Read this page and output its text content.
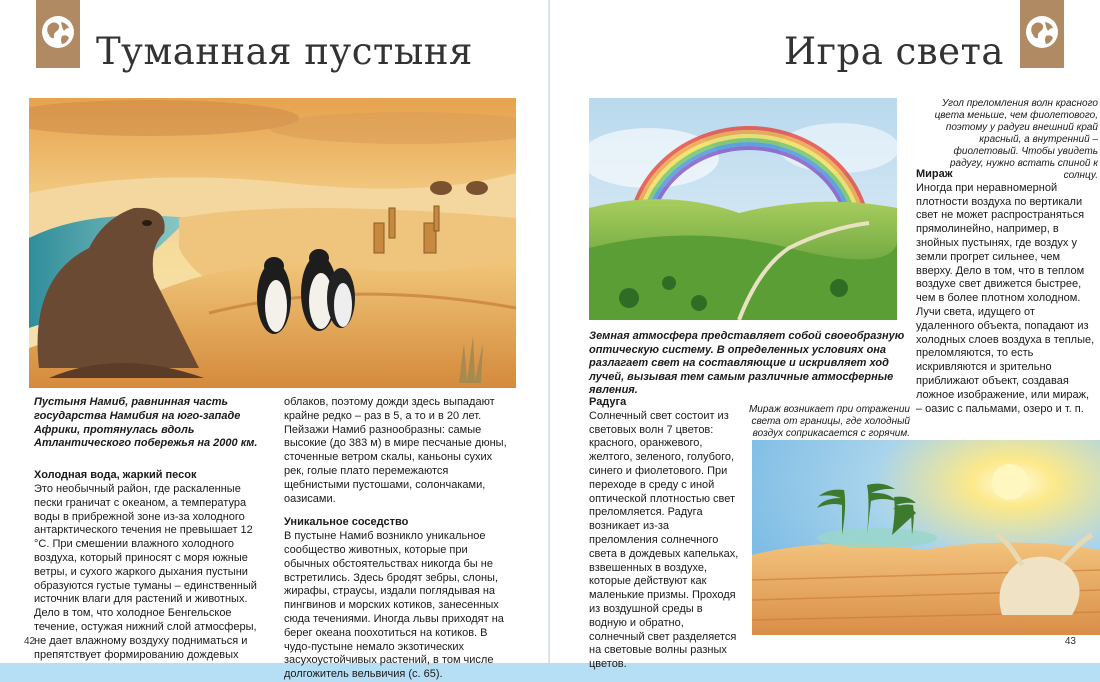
Туманная пустыня

Пустыня Намиб, равнинная часть государства Намибия на юго-западе Африки, протянулась вдоль Атлантического побережья на 2000 км.

Холодная вода, жаркий песок

Это необычный район, где раскаленные пески граничат с океаном, а температура воды в прибрежной зоне из-за холодного антарктического течения не превышает 12 °C. При смешении влажного холодного воздуха, который приносят с моря южные ветры, и сухого жаркого дыхания пустыни образуются густые туманы – единственный источник влаги для растений и животных. Дело в том, что холодное Бенгельское течение, остужая нижний слой атмосферы, не дает влажному воздуху подниматься и препятствует формированию дождевых

облаков, поэтому дожди здесь выпадают крайне редко – раз в 5, а то и в 20 лет. Пейзажи Намиб разнообразны: самые высокие (до 383 м) в мире песчаные дюны, сточенные ветром скалы, каньоны сухих рек, голые плато перемежаются щебнистыми пустошами, солончаками, оазисами.

Уникальное соседство

В пустыне Намиб возникло уникальное сообщество животных, которые при обычных обстоятельствах никогда бы не встретились. Здесь бродят зебры, слоны, жирафы, страусы, издали поглядывая на пингвинов и морских котиков, занесенных сюда течениями. Иногда львы приходят на берег океана поохотиться на котиков. В чудо-пустыне немало экзотических засухоустойчивых растений, в том числе долгожитель вельвичия (с. 65).

42
Игра света

Угол преломления волн красного цвета меньше, чем фиолетового, поэтому у радуги внешний край красный, а внутренний – фиолетовый. Чтобы увидеть радугу, нужно встать спиной к солнцу.

Мираж

Иногда при неравномерной плотности воздуха по вертикали свет не может распространяться прямолинейно, например, в знойных пустынях, где воздух у земли прогрет сильнее, чем вверху. Дело в том, что в теплом воздухе свет движется быстрее, чем в более плотном холодном. Лучи света, идущего от удаленного объекта, попадают из холодных слоев воздуха в теплые, преломляются, то есть искривляются и зрительно приближают объект, создавая ложное изображение, или мираж, – оазис с пальмами, озеро и т. п.

Земная атмосфера представляет собой своеобразную оптическую систему. В определенных условиях она разлагает свет на составляющие и искривляет ход лучей, вызывая тем самым различные атмосферные явления.

Радуга

Солнечный свет состоит из световых волн 7 цветов: красного, оранжевого, желтого, зеленого, голубого, синего и фиолетового. При переходе в среду с иной оптической плотностью свет преломляется. Радуга возникает из-за преломления солнечного света в дождевых капельках, взвешенных в воздухе, которые действуют как маленькие призмы. Проходя из воздушной среды в водную и обратно, солнечный свет разделяется на световые волны разных цветов.

Мираж возникает при отражении света от границы, где холодный воздух соприкасается с горячим.

43
